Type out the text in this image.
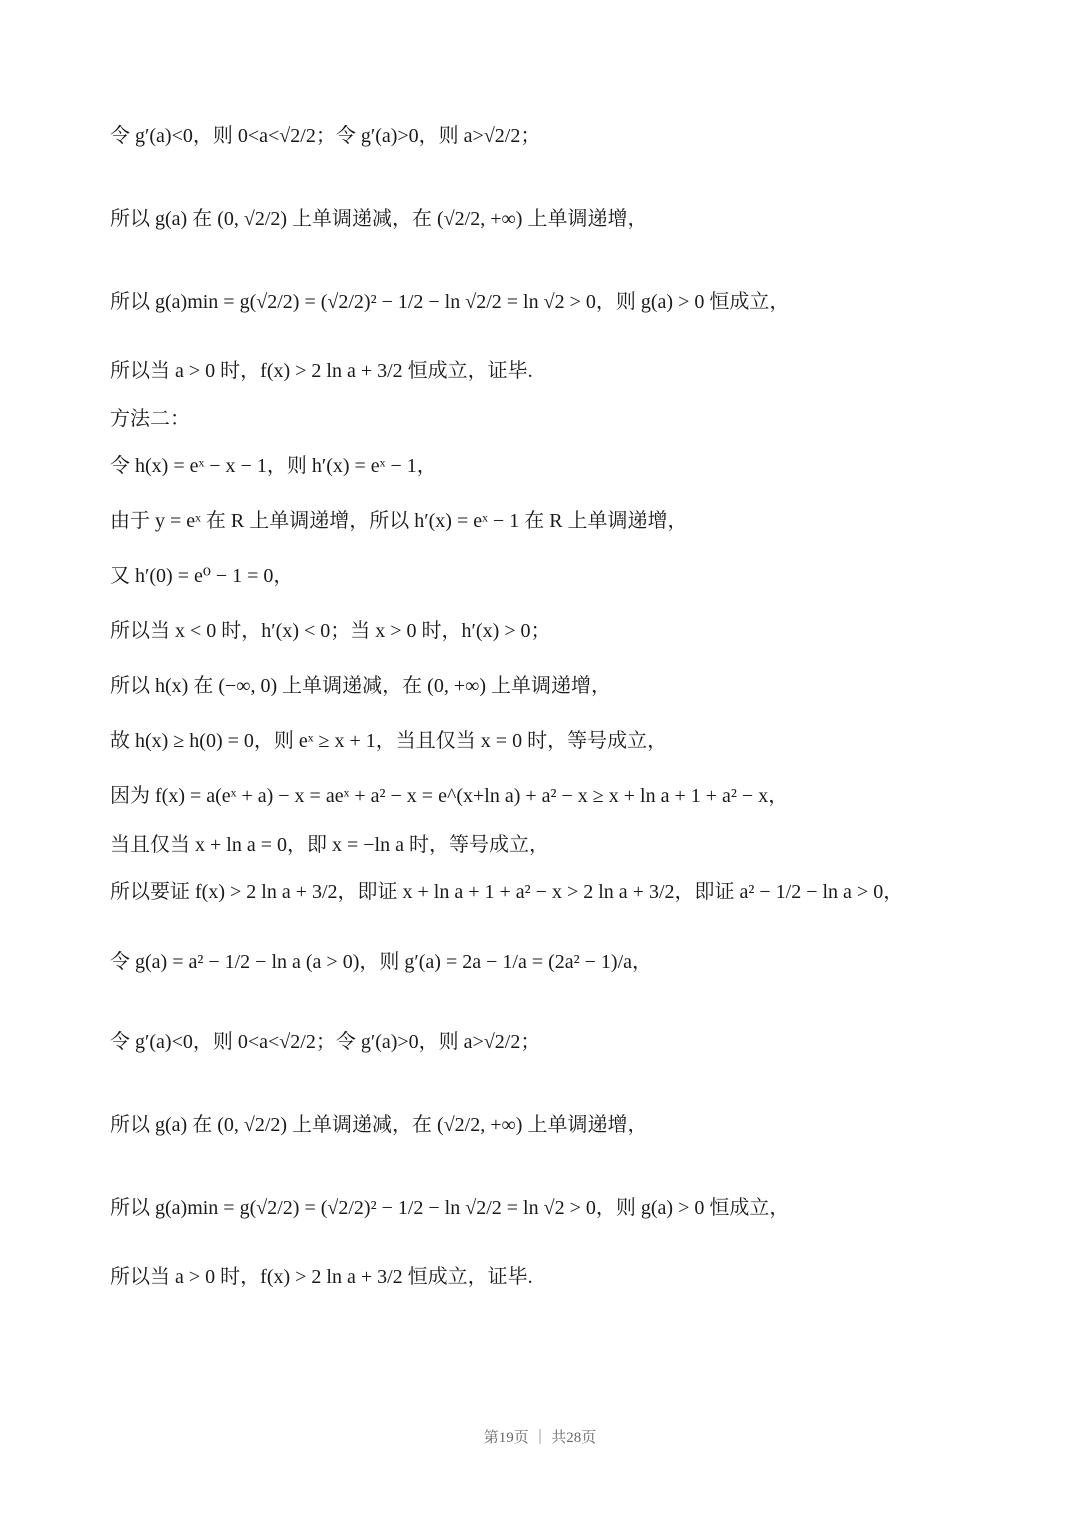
令 g′(a)<0，则 0<a<√2/2；令 g′(a)>0，则 a>√2/2；
所以 g(a) 在 (0, √2/2) 上单调递减，在 (√2/2, +∞) 上单调递增，
所以 g(a)min = g(√2/2) = (√2/2)² − 1/2 − ln √2/2 = ln √2 > 0，则 g(a) > 0 恒成立，
所以当 a > 0 时，f(x) > 2 ln a + 3/2 恒成立，证毕.
方法二：
令 h(x) = eˣ − x − 1，则 h′(x) = eˣ − 1，
由于 y = eˣ 在 R 上单调递增，所以 h′(x) = eˣ − 1 在 R 上单调递增，
又 h′(0) = e⁰ − 1 = 0，
所以当 x < 0 时，h′(x) < 0；当 x > 0 时，h′(x) > 0；
所以 h(x) 在 (−∞, 0) 上单调递减，在 (0, +∞) 上单调递增，
故 h(x) ≥ h(0) = 0，则 eˣ ≥ x + 1，当且仅当 x = 0 时，等号成立，
因为 f(x) = a(eˣ + a) − x = aeˣ + a² − x = e^(x+ln a) + a² − x ≥ x + ln a + 1 + a² − x，
当且仅当 x + ln a = 0，即 x = −ln a 时，等号成立，
所以要证 f(x) > 2 ln a + 3/2，即证 x + ln a + 1 + a² − x > 2 ln a + 3/2，即证 a² − 1/2 − ln a > 0，
令 g(a) = a² − 1/2 − ln a (a > 0)，则 g′(a) = 2a − 1/a = (2a² − 1)/a，
令 g′(a)<0，则 0<a<√2/2；令 g′(a)>0，则 a>√2/2；
所以 g(a) 在 (0, √2/2) 上单调递减，在 (√2/2, +∞) 上单调递增，
所以 g(a)min = g(√2/2) = (√2/2)² − 1/2 − ln √2/2 = ln √2 > 0，则 g(a) > 0 恒成立，
所以当 a > 0 时，f(x) > 2 ln a + 3/2 恒成立，证毕.
第19页 ｜ 共28页
